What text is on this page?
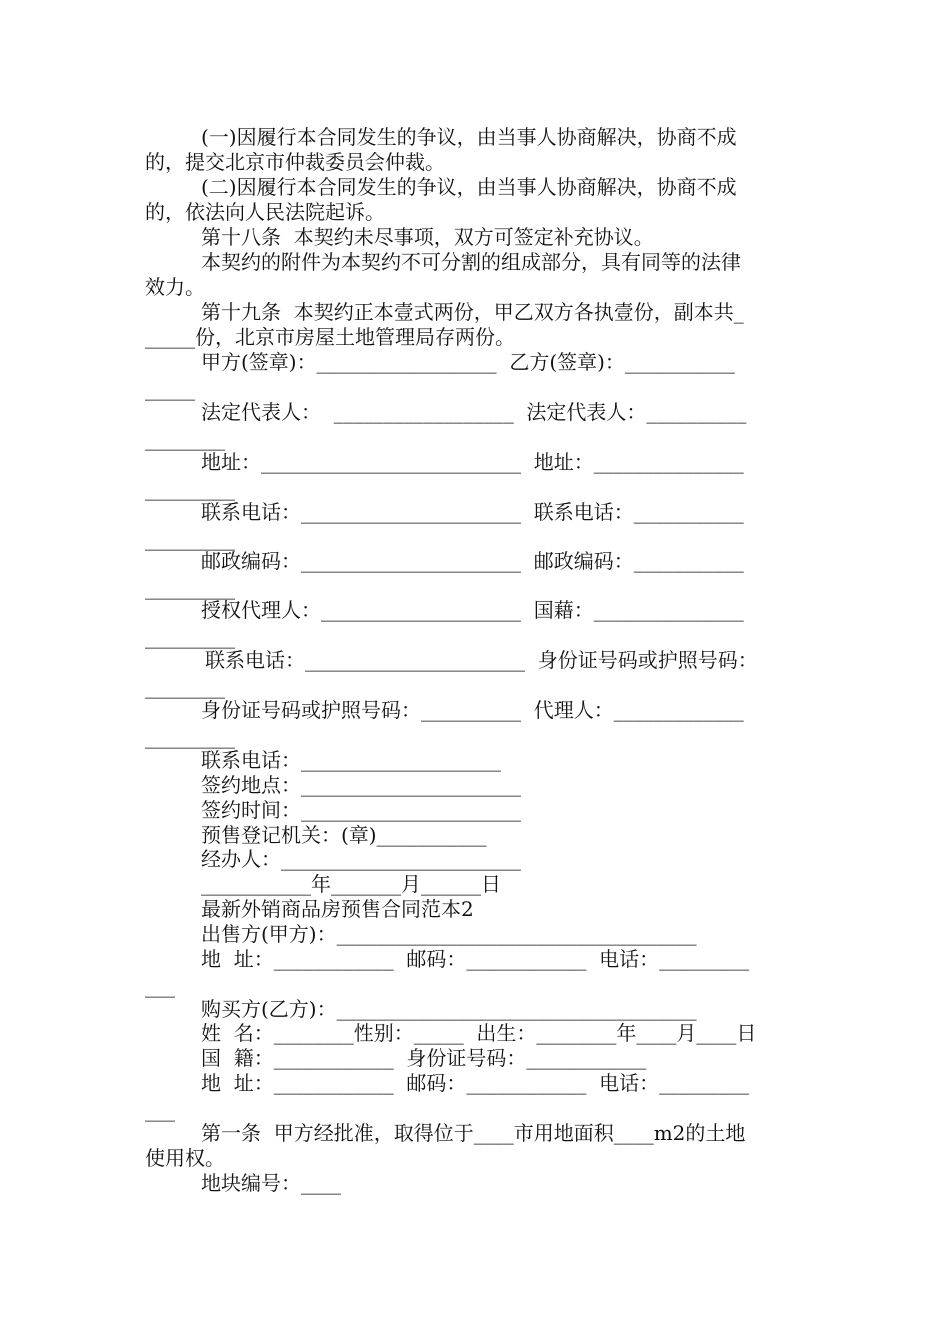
(一)因履行本合同发生的争议，由当事人协商解决，协商不成
的，提交北京市仲裁委员会仲裁。
(二)因履行本合同发生的争议，由当事人协商解决，协商不成
的，依法向人民法院起诉。
第十八条  本契约未尽事项，双方可签定补充协议。
本契约的附件为本契约不可分割的组成部分，具有同等的法律
效力。
第十九条  本契约正本壹式两份，甲乙双方各执壹份，副本共_
_____份，北京市房屋土地管理局存两份。
甲方(签章)：__________________  乙方(签章)：___________
_____
法定代表人：  __________________  法定代表人：__________
________
地址：__________________________  地址：_______________
_________
联系电话：______________________  联系电话：___________
_________
邮政编码：______________________  邮政编码：___________
_________
授权代理人：____________________  国藉：_______________
_________
联系电话：______________________  身份证号码或护照号码：
________
身份证号码或护照号码：__________  代理人：_____________
_________
联系电话：____________________
签约地点：______________________
签约时间：______________________
预售登记机关：(章)___________
经办人：________________________
___________年_______月______日
最新外销商品房预售合同范本2
出售方(甲方)：____________________________________
地  址：____________  邮码：____________  电话：_________
___
购买方(乙方)：____________________________________
姓  名：________性别：_____  出生：________年____月____日
国  籍：____________  身份证号码：____________
地  址：____________  邮码：____________  电话：_________
___
第一条  甲方经批准，取得位于____市用地面积____m2的土地
使用权。
地块编号：____
